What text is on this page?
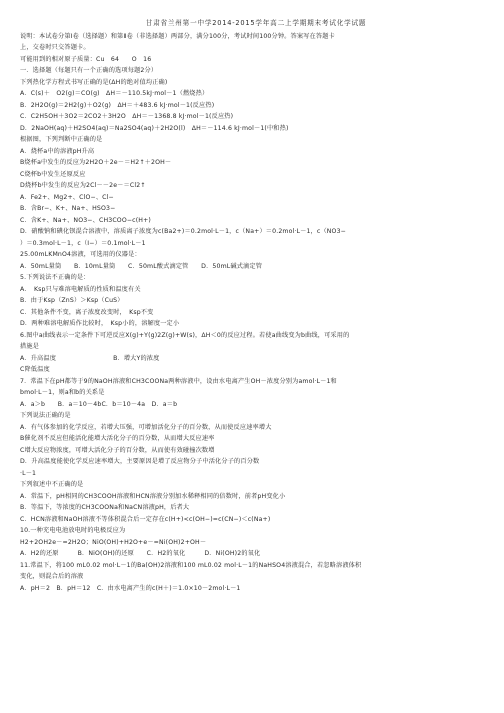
甘肃省兰州第一中学2014-2015学年高二上学期期末考试化学试题
说明：本试卷分第Ⅰ卷（选择题）和第Ⅱ卷（非选择题）两部分，满分100分，考试时间100分钟。答案写在答题卡
上，交卷时只交答题卡。
可能用到的相对原子质量：Cu　64　　O　16
一．选择题（每题只有一个正确的选项每题2分）
下列热化学方程式书写正确的是(ΔH的绝对值均正确)
A．C(s)＋　O2(g)＝CO(g)　ΔH＝－110.5kJ·mol－1（燃烧热）
B．2H2O(g)＝2H2(g)＋O2(g)　ΔH＝＋483.6 kJ·mol－1(反应热)
C．C2H5OH＋3O2＝2CO2＋3H2O　ΔH＝－1368.8 kJ·mol－1(反应热)
D．2NaOH(aq)＋H2SO4(aq)＝Na2SO4(aq)＋2H2O(l)　ΔH＝－114.6 kJ·mol－1(中和热)
根据图，下列判断中正确的是
A．烧杯a中的溶液pH升高
B烧杯a中发生的反应为2H2O＋2e－＝H2↑＋2OH－
C烧杯b中发生还原反应
D烧杯b中发生的反应为2Cl－－2e－＝Cl2↑
A．Fe2+、Mg2+、ClO−、Cl−
B．含Br−、K+、Na+、HSO3−
C．含K+、Na+、NO3−、CH3COO−c(H+)
D．硝酸钠和碘化钡混合溶液中，溶质离子浓度为c(Ba2+)＝0.2mol·L－1，c（Na+）＝0.2mol·L－1，c（NO3−
）＝0.3mol·L－1，c（I−）＝0.1mol·L－1
25.00mLKMnO4溶液，可选用的仪器是：
A．50mL量筒　　B．10mL量筒　　C．50mL酸式滴定管　　D．50mL碱式滴定管
5.下列说法不正确的是：
A．　Ksp只与难溶电解质的性质和温度有关
B．由于Ksp（ZnS）＞Ksp（CuS）
C．其他条件不变，离子浓度改变时，　Ksp不变
D．两种难溶电解质作比较时，　Ksp小的，溶解度一定小
6.图中a曲线表示一定条件下可逆反应X(g)+Y(g)2Z(g)+W(s)，ΔH＜0的反应过程。若使a曲线变为b曲线，可采用的
措施是
A．升高温度　　　　　　　　　B．增大Y的浓度
C降低温度
7．常温下在pH都等于9的NaOH溶液和CH3COONa两种溶液中，设由水电离产生OH－浓度分别为amol·L－1和
bmol·L－1，则a和b的关系是
A．a＞b　　B．a＝10－4bC．b＝10－4a　D．a＝b
下列说法正确的是
A．有气体参加的化学反应，若增大压强，可增加活化分子的百分数，从而使反应速率增大
B催化剂不反应但能活化能增大活化分子的百分数，从而增大反应速率
C增大反应物浓度，可增大活化分子的百分数，从而使有效碰撞次数增
D．升高温度能使化学反应速率增大，主要原因是增了反应物分子中活化分子的百分数
·L－1
下列叙述中不正确的是
A．常温下，pH相同的CH3COOH溶液和HCN溶液分别加水稀释相同的倍数时，前者pH变化小
B．等温下，等浓度的CH3COONa和NaCN溶液pH，后者大
C．HCN溶液和NaOH溶液不等体积混合后一定存在c(H+)<c(OH−)=c(CN−)＜c(Na+)
10.一种充电电池放电时的电极反应为
H2+2OH2e－=2H2O；NiO(OH)+H2O+e－=Ni(OH)2+OH－
A．H2的还原　　　B．NiO(OH)的还原　　C．H2的氧化　　　D．Ni(OH)2的氧化
11.常温下，将100 mL0.02 mol·L－1的Ba(OH)2溶液和100 mL0.02 mol·L－1的NaHSO4溶液混合，若忽略溶液体积
变化，则混合后的溶液
A．pH＝2　B．pH＝12　C．由水电离产生的c(H＋)＝1.0×10－2mol·L－1
